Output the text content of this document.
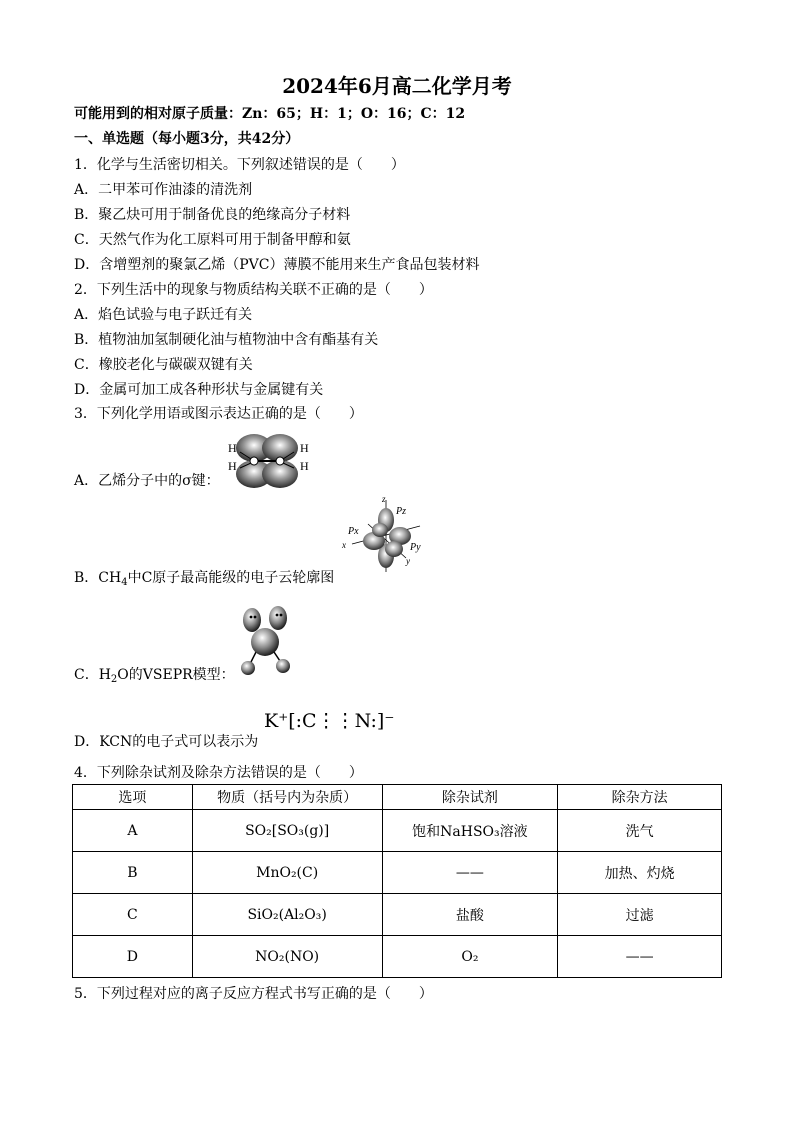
2024年6月高二化学月考
可能用到的相对原子质量：Zn：65；H：1；O：16；C：12
一、单选题（每小题3分，共42分）
1．化学与生活密切相关。下列叙述错误的是（　　）
A．二甲苯可作油漆的清洗剂
B．聚乙炔可用于制备优良的绝缘高分子材料
C．天然气作为化工原料可用于制备甲醇和氨
D．含增塑剂的聚氯乙烯（PVC）薄膜不能用来生产食品包装材料
2．下列生活中的现象与物质结构关联不正确的是（　　）
A．焰色试验与电子跃迁有关
B．植物油加氢制硬化油与植物油中含有酯基有关
C．橡胶老化与碳碳双键有关
D．金属可加工成各种形状与金属键有关
3．下列化学用语或图示表达正确的是（　　）
A．乙烯分子中的σ键：
H
H
H
H
B．$CH_4$中C原子最高能级的电子云轮廓图
z
Pz
Px
x	Py
y
C．$H_2O$的VSEPR模型：
D．KCN的电子式可以表示为
K⁺[:C⋮⋮N:]⁻
4．下列除杂试剂及除杂方法错误的是（　　）
选项	物质（括号内为杂质）	除杂试剂	除杂方法
A	SO₂[SO₃(g)]	饱和NaHSO₃溶液	洗气
B	MnO₂(C)	——	加热、灼烧
C	SiO₂(Al₂O₃)	盐酸	过滤
D	NO₂(NO)	O₂	——
5．下列过程对应的离子反应方程式书写正确的是（　　）
